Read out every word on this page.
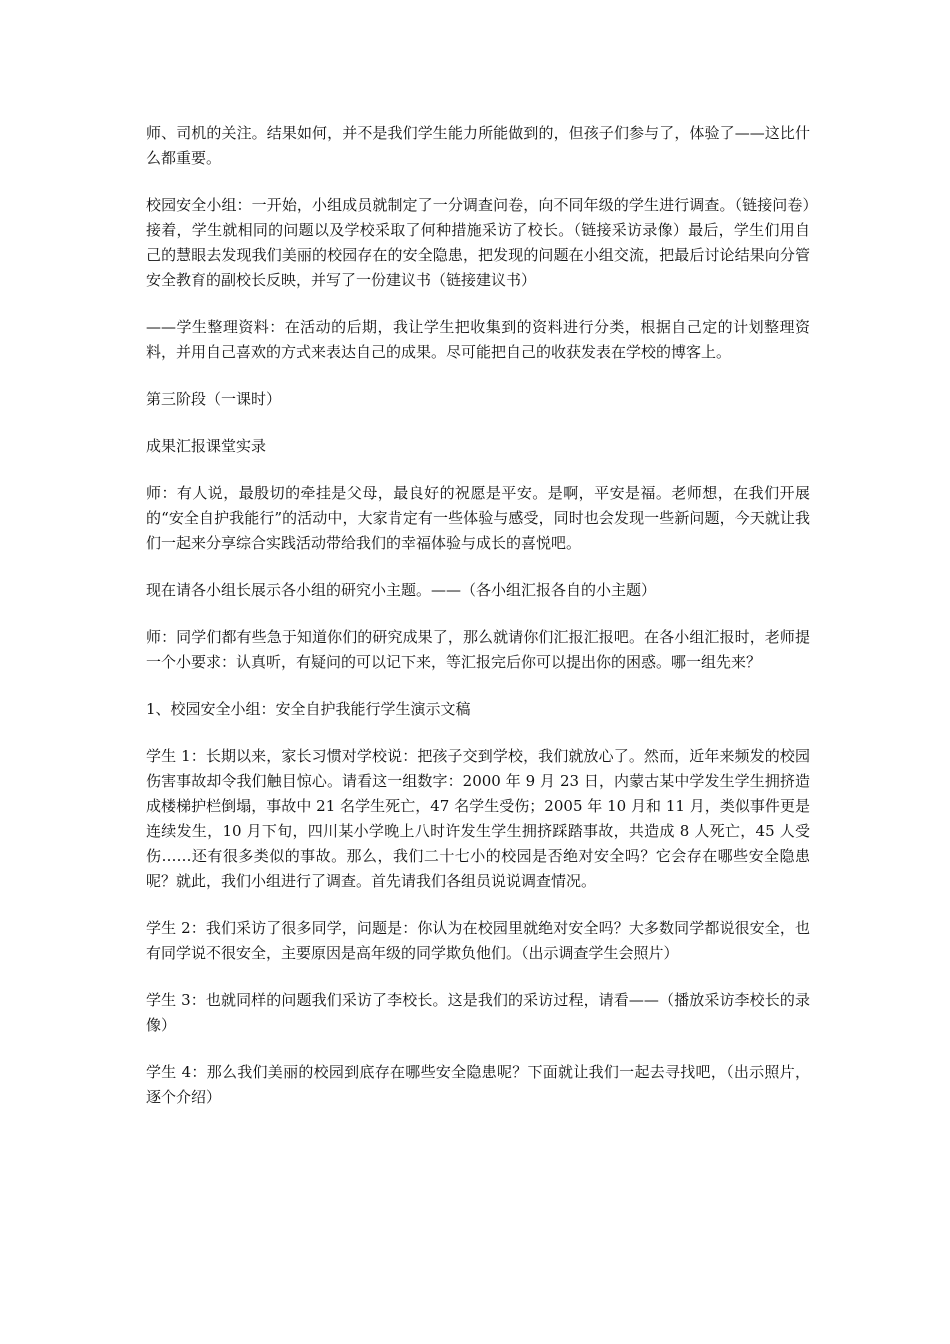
师、司机的关注。结果如何，并不是我们学生能力所能做到的，但孩子们参与了，体验了——这比什么都重要。

校园安全小组：一开始，小组成员就制定了一分调查问卷，向不同年级的学生进行调查。（链接问卷）接着，学生就相同的问题以及学校采取了何种措施采访了校长。（链接采访录像）最后，学生们用自己的慧眼去发现我们美丽的校园存在的安全隐患，把发现的问题在小组交流，把最后讨论结果向分管安全教育的副校长反映，并写了一份建议书（链接建议书）

——学生整理资料：在活动的后期，我让学生把收集到的资料进行分类，根据自己定的计划整理资料，并用自己喜欢的方式来表达自己的成果。尽可能把自己的收获发表在学校的博客上。

第三阶段（一课时）

成果汇报课堂实录

师：有人说，最殷切的牵挂是父母，最良好的祝愿是平安。是啊，平安是福。老师想，在我们开展的“安全自护我能行”的活动中，大家肯定有一些体验与感受，同时也会发现一些新问题，今天就让我们一起来分享综合实践活动带给我们的幸福体验与成长的喜悦吧。

现在请各小组长展示各小组的研究小主题。——（各小组汇报各自的小主题）

师：同学们都有些急于知道你们的研究成果了，那么就请你们汇报汇报吧。在各小组汇报时，老师提一个小要求：认真听，有疑问的可以记下来，等汇报完后你可以提出你的困惑。哪一组先来？

1、校园安全小组：安全自护我能行学生演示文稿

学生 1：长期以来，家长习惯对学校说：把孩子交到学校，我们就放心了。然而，近年来频发的校园伤害事故却令我们触目惊心。请看这一组数字：2000 年 9 月 23 日，内蒙古某中学发生学生拥挤造成楼梯护栏倒塌，事故中 21 名学生死亡，47 名学生受伤；2005 年 10 月和 11 月，类似事件更是连续发生，10 月下旬，四川某小学晚上八时许发生学生拥挤踩踏事故，共造成 8 人死亡，45 人受伤……还有很多类似的事故。那么，我们二十七小的校园是否绝对安全吗？它会存在哪些安全隐患呢？就此，我们小组进行了调查。首先请我们各组员说说调查情况。

学生 2：我们采访了很多同学，问题是：你认为在校园里就绝对安全吗？大多数同学都说很安全，也有同学说不很安全，主要原因是高年级的同学欺负他们。（出示调查学生会照片）

学生 3：也就同样的问题我们采访了李校长。这是我们的采访过程，请看——（播放采访李校长的录像）

学生 4：那么我们美丽的校园到底存在哪些安全隐患呢？下面就让我们一起去寻找吧，（出示照片，逐个介绍）
